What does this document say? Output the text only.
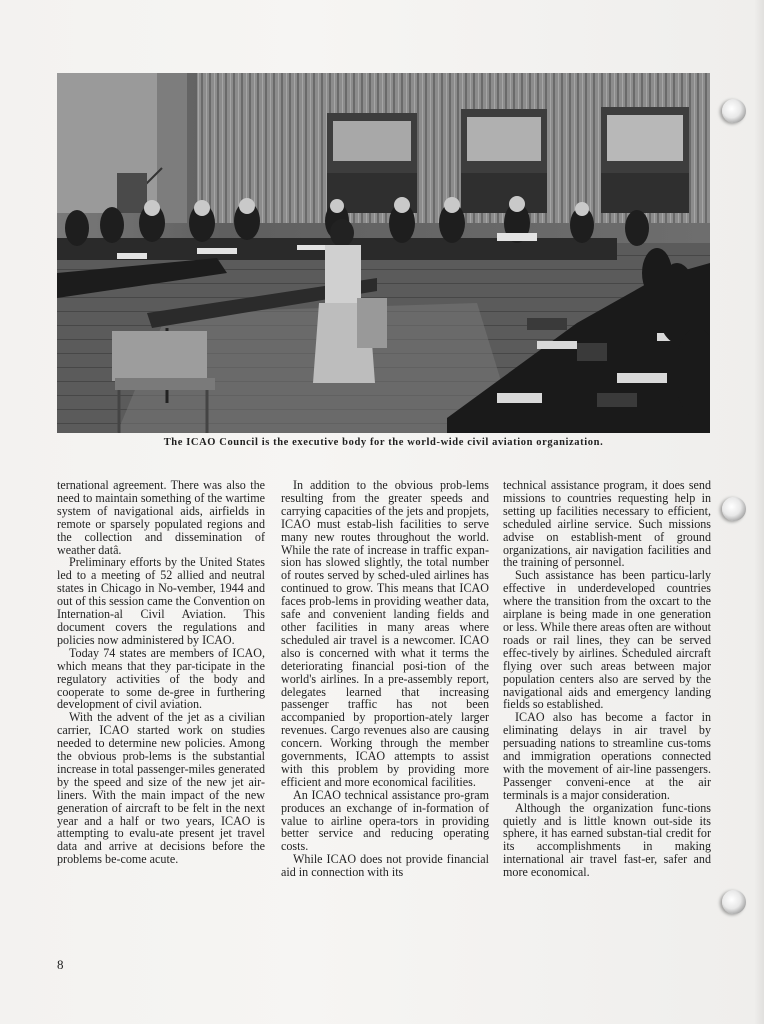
The ICAO Council is the executive body for the world-wide civil aviation organization.

ternational agreement. There was also the need to maintain something of the wartime system of navigational aids, airfields in remote or sparsely populated regions and the collection and dissemination of weather datâ.

Preliminary efforts by the United States led to a meeting of 52 allied and neutral states in Chicago in No-vember, 1944 and out of this session came the Convention on Internation-al Civil Aviation. This document covers the regulations and policies now administered by ICAO.

Today 74 states are members of ICAO, which means that they par-ticipate in the regulatory activities of the body and cooperate to some de-gree in furthering development of civil aviation.

With the advent of the jet as a civilian carrier, ICAO started work on studies needed to determine new policies. Among the obvious prob-lems is the substantial increase in total passenger-miles generated by the speed and size of the new jet air-liners. With the main impact of the new generation of aircraft to be felt in the next year and a half or two years, ICAO is attempting to evalu-ate present jet travel data and arrive at decisions before the problems be-come acute.

In addition to the obvious prob-lems resulting from the greater speeds and carrying capacities of the jets and propjets, ICAO must estab-lish facilities to serve many new routes throughout the world. While the rate of increase in traffic expan-sion has slowed slightly, the total number of routes served by sched-uled airlines has continued to grow. This means that ICAO faces prob-lems in providing weather data, safe and convenient landing fields and other facilities in many areas where scheduled air travel is a newcomer. ICAO also is concerned with what it terms the deteriorating financial posi-tion of the world's airlines. In a pre-assembly report, delegates learned that increasing passenger traffic has not been accompanied by proportion-ately larger revenues. Cargo revenues also are causing concern. Working through the member governments, ICAO attempts to assist with this problem by providing more efficient and more economical facilities.

An ICAO technical assistance pro-gram produces an exchange of in-formation of value to airline opera-tors in providing better service and reducing operating costs.

While ICAO does not provide financial aid in connection with its

technical assistance program, it does send missions to countries requesting help in setting up facilities necessary to efficient, scheduled airline service. Such missions advise on establish-ment of ground organizations, air navigation facilities and the training of personnel.

Such assistance has been particu-larly effective in underdeveloped countries where the transition from the oxcart to the airplane is being made in one generation or less. While there areas often are without roads or rail lines, they can be served effec-tively by airlines. Scheduled aircraft flying over such areas between major population centers also are served by the navigational aids and emergency landing fields so established.

ICAO also has become a factor in eliminating delays in air travel by persuading nations to streamline cus-toms and immigration operations connected with the movement of air-line passengers. Passenger conveni-ence at the air terminals is a major consideration.

Although the organization func-tions quietly and is little known out-side its sphere, it has earned substan-tial credit for its accomplishments in making international air travel fast-er, safer and more economical.

8
